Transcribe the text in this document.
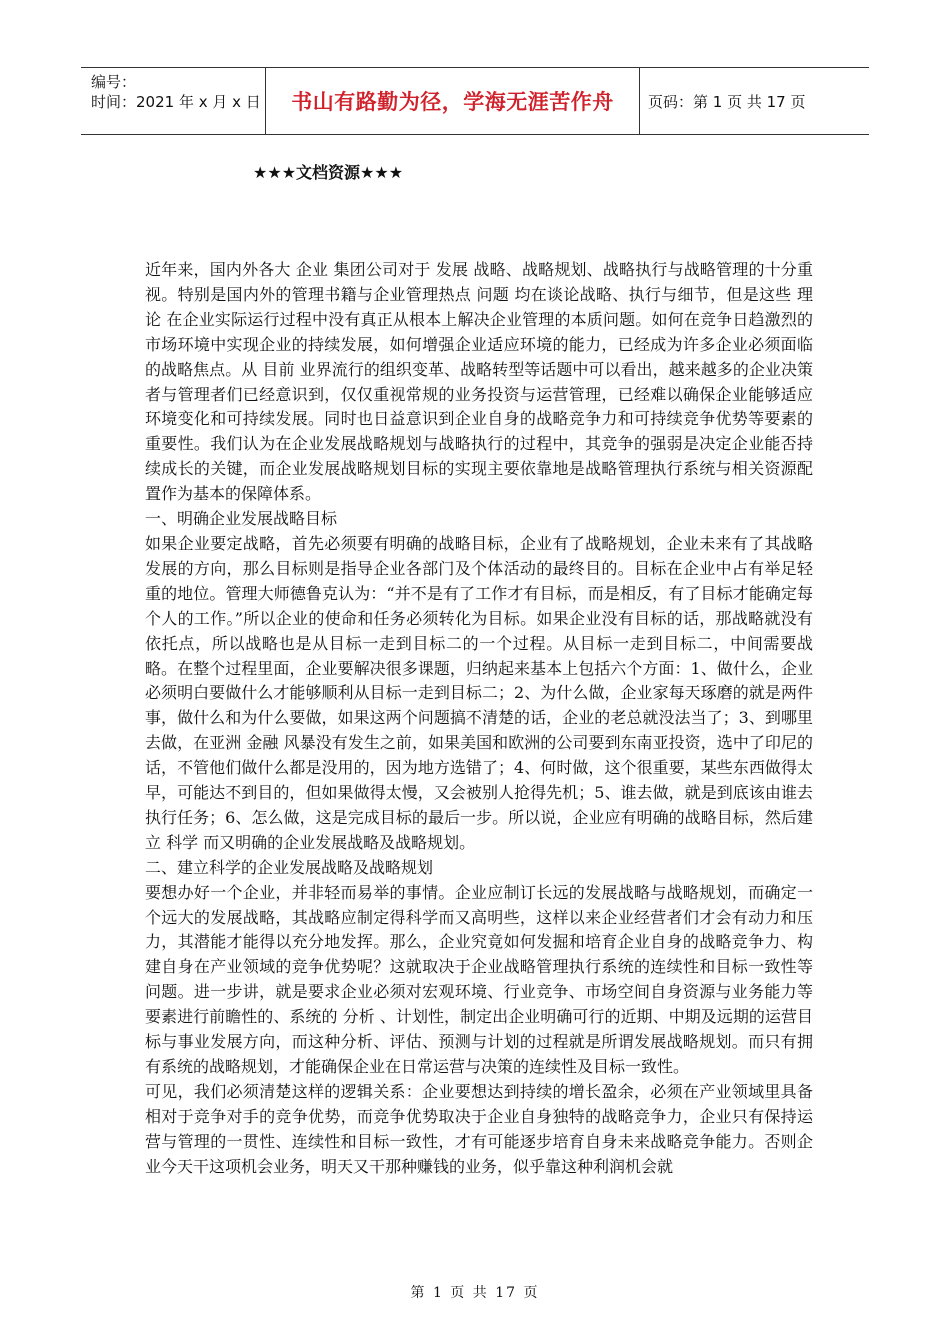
编号：
时间：2021 年 x 月 x 日	书山有路勤为径，学海无涯苦作舟	页码：第 1 页 共 17 页
★★★文档资源★★★

近年来，国内外各大 企业 集团公司对于 发展 战略、战略规划、战略执行与战略管理的十分重视。特别是国内外的管理书籍与企业管理热点 问题 均在谈论战略、执行与细节，但是这些 理论 在企业实际运行过程中没有真正从根本上解决企业管理的本质问题。如何在竞争日趋激烈的市场环境中实现企业的持续发展，如何增强企业适应环境的能力，已经成为许多企业必须面临的战略焦点。从 目前 业界流行的组织变革、战略转型等话题中可以看出，越来越多的企业决策者与管理者们已经意识到，仅仅重视常规的业务投资与运营管理，已经难以确保企业能够适应环境变化和可持续发展。同时也日益意识到企业自身的战略竞争力和可持续竞争优势等要素的重要性。我们认为在企业发展战略规划与战略执行的过程中，其竞争的强弱是决定企业能否持续成长的关键，而企业发展战略规划目标的实现主要依靠地是战略管理执行系统与相关资源配置作为基本的保障体系。

一、明确企业发展战略目标

如果企业要定战略，首先必须要有明确的战略目标，企业有了战略规划，企业未来有了其战略发展的方向，那么目标则是指导企业各部门及个体活动的最终目的。目标在企业中占有举足轻重的地位。管理大师德鲁克认为：“并不是有了工作才有目标，而是相反，有了目标才能确定每个人的工作。”所以企业的使命和任务必须转化为目标。如果企业没有目标的话，那战略就没有依托点，所以战略也是从目标一走到目标二的一个过程。从目标一走到目标二，中间需要战略。在整个过程里面，企业要解决很多课题，归纳起来基本上包括六个方面：1、做什么，企业必须明白要做什么才能够顺利从目标一走到目标二；2、为什么做，企业家每天琢磨的就是两件事，做什么和为什么要做，如果这两个问题搞不清楚的话，企业的老总就没法当了；3、到哪里去做，在亚洲 金融 风暴没有发生之前，如果美国和欧洲的公司要到东南亚投资，选中了印尼的话，不管他们做什么都是没用的，因为地方选错了；4、何时做，这个很重要，某些东西做得太早，可能达不到目的，但如果做得太慢，又会被别人抢得先机；5、谁去做，就是到底该由谁去执行任务；6、怎么做，这是完成目标的最后一步。所以说，企业应有明确的战略目标，然后建立 科学 而又明确的企业发展战略及战略规划。

二、建立科学的企业发展战略及战略规划

要想办好一个企业，并非轻而易举的事情。企业应制订长远的发展战略与战略规划，而确定一个远大的发展战略，其战略应制定得科学而又高明些，这样以来企业经营者们才会有动力和压力，其潜能才能得以充分地发挥。那么，企业究竟如何发掘和培育企业自身的战略竞争力、构建自身在产业领域的竞争优势呢？这就取决于企业战略管理执行系统的连续性和目标一致性等问题。进一步讲，就是要求企业必须对宏观环境、行业竞争、市场空间自身资源与业务能力等要素进行前瞻性的、系统的 分析 、计划性，制定出企业明确可行的近期、中期及远期的运营目标与事业发展方向，而这种分析、评估、预测与计划的过程就是所谓发展战略规划。而只有拥有系统的战略规划，才能确保企业在日常运营与决策的连续性及目标一致性。

可见，我们必须清楚这样的逻辑关系：企业要想达到持续的增长盈余，必须在产业领域里具备相对于竞争对手的竞争优势，而竞争优势取决于企业自身独特的战略竞争力，企业只有保持运营与管理的一贯性、连续性和目标一致性，才有可能逐步培育自身未来战略竞争能力。否则企业今天干这项机会业务，明天又干那种赚钱的业务，似乎靠这种利润机会就

第 1 页 共 17 页
